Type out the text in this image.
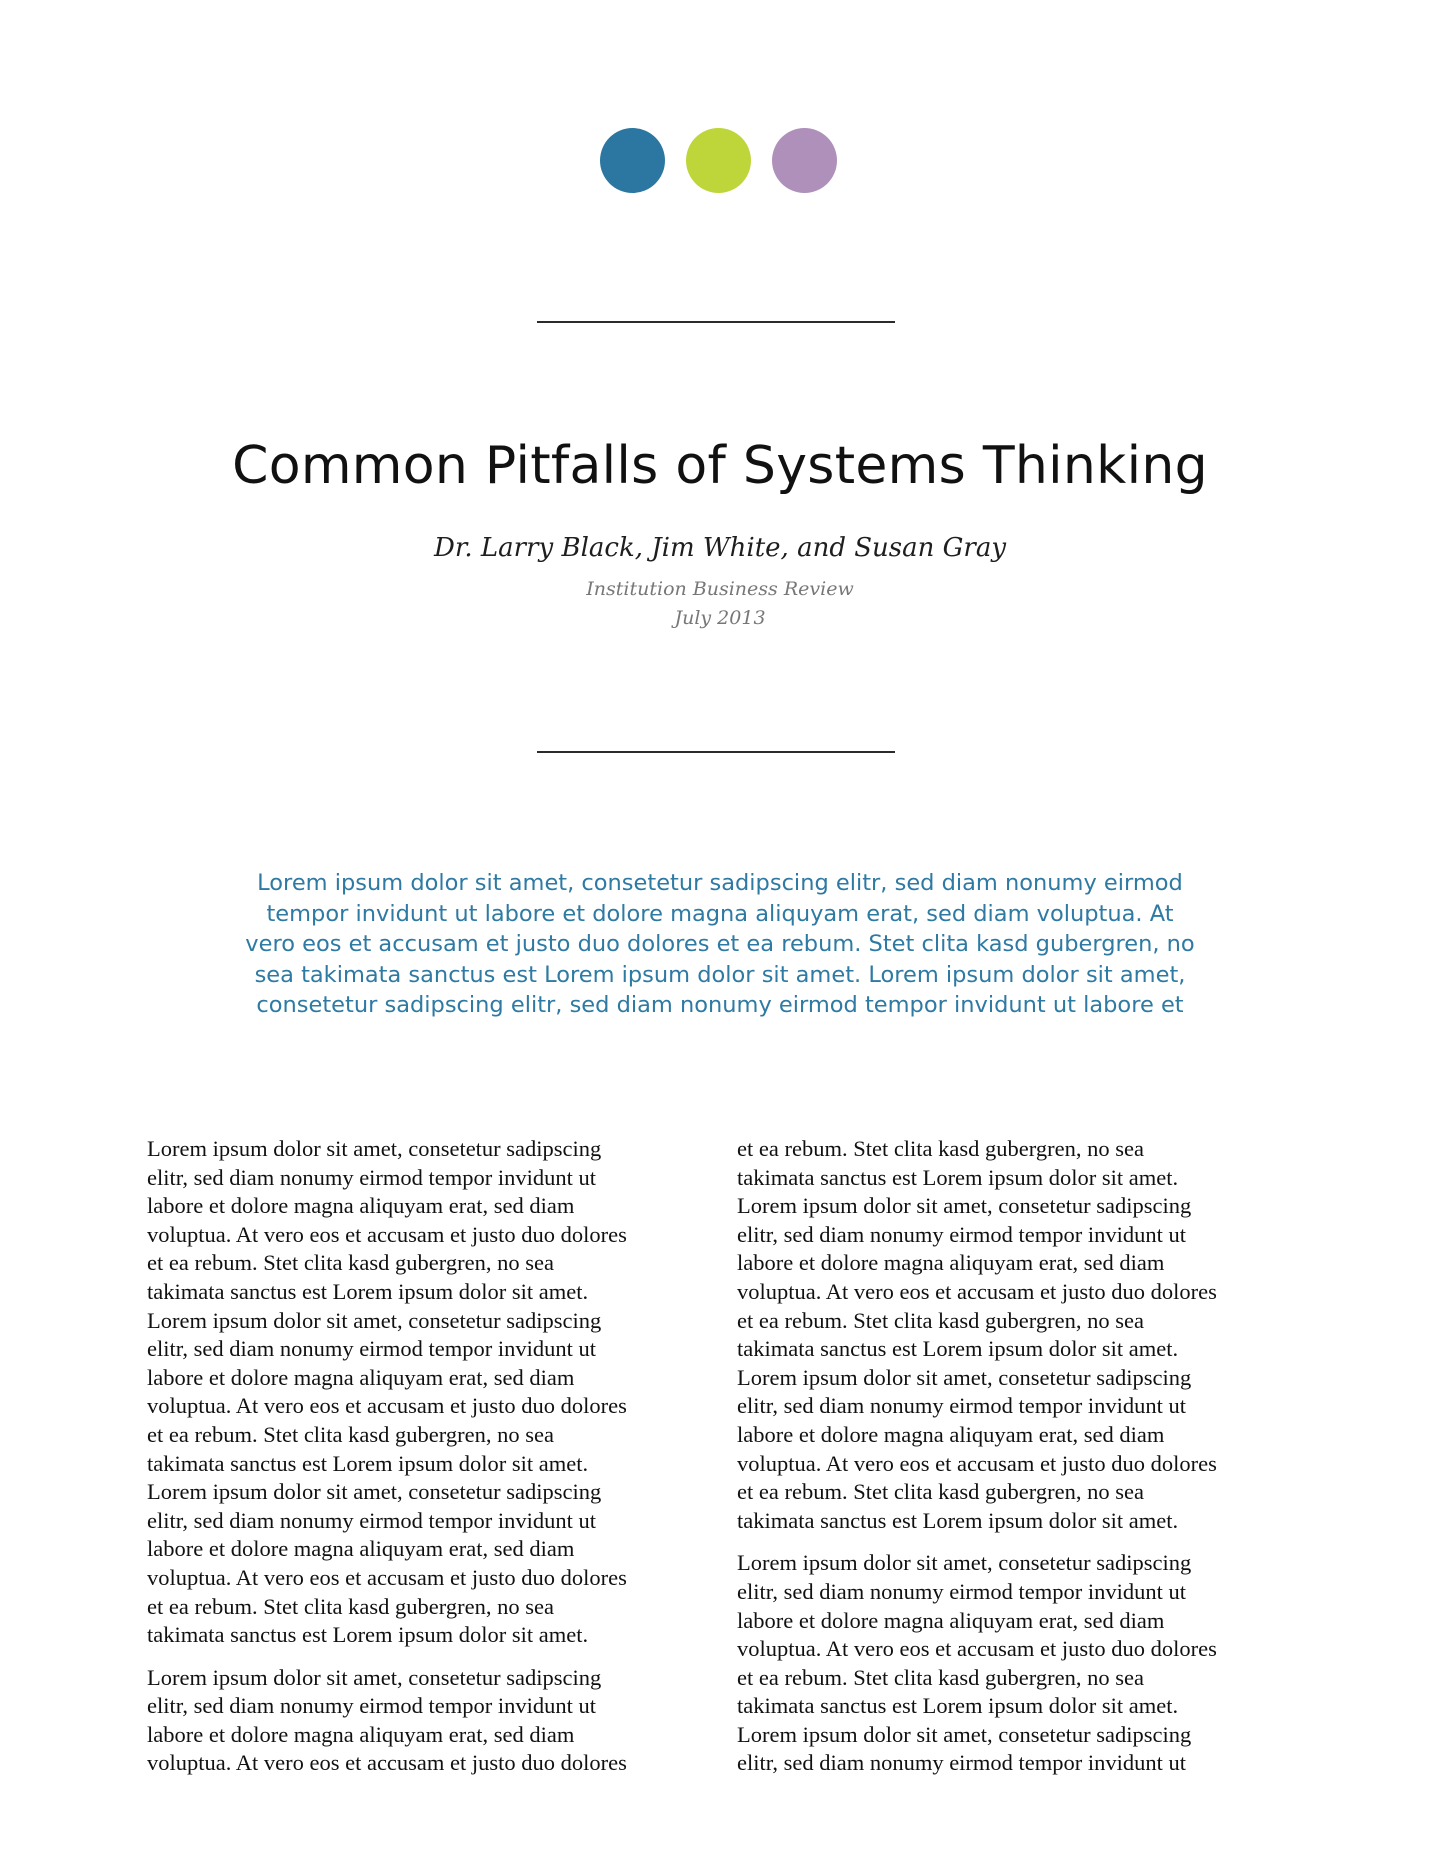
Common Pitfalls of Systems Thinking
Dr. Larry Black, Jim White, and Susan Gray
Institution Business Review
July 2013
Lorem ipsum dolor sit amet, consetetur sadipscing elitr, sed diam nonumy eirmod
tempor invidunt ut labore et dolore magna aliquyam erat, sed diam voluptua. At
vero eos et accusam et justo duo dolores et ea rebum. Stet clita kasd gubergren, no
sea takimata sanctus est Lorem ipsum dolor sit amet. Lorem ipsum dolor sit amet,
consetetur sadipscing elitr, sed diam nonumy eirmod tempor invidunt ut labore et

Lorem ipsum dolor sit amet, consetetur sadipscing
elitr, sed diam nonumy eirmod tempor invidunt ut
labore et dolore magna aliquyam erat, sed diam
voluptua. At vero eos et accusam et justo duo dolores
et ea rebum. Stet clita kasd gubergren, no sea
takimata sanctus est Lorem ipsum dolor sit amet.
Lorem ipsum dolor sit amet, consetetur sadipscing
elitr, sed diam nonumy eirmod tempor invidunt ut
labore et dolore magna aliquyam erat, sed diam
voluptua. At vero eos et accusam et justo duo dolores
et ea rebum. Stet clita kasd gubergren, no sea
takimata sanctus est Lorem ipsum dolor sit amet.
Lorem ipsum dolor sit amet, consetetur sadipscing
elitr, sed diam nonumy eirmod tempor invidunt ut
labore et dolore magna aliquyam erat, sed diam
voluptua. At vero eos et accusam et justo duo dolores
et ea rebum. Stet clita kasd gubergren, no sea
takimata sanctus est Lorem ipsum dolor sit amet.

Lorem ipsum dolor sit amet, consetetur sadipscing
elitr, sed diam nonumy eirmod tempor invidunt ut
labore et dolore magna aliquyam erat, sed diam
voluptua. At vero eos et accusam et justo duo dolores

et ea rebum. Stet clita kasd gubergren, no sea
takimata sanctus est Lorem ipsum dolor sit amet.
Lorem ipsum dolor sit amet, consetetur sadipscing
elitr, sed diam nonumy eirmod tempor invidunt ut
labore et dolore magna aliquyam erat, sed diam
voluptua. At vero eos et accusam et justo duo dolores
et ea rebum. Stet clita kasd gubergren, no sea
takimata sanctus est Lorem ipsum dolor sit amet.
Lorem ipsum dolor sit amet, consetetur sadipscing
elitr, sed diam nonumy eirmod tempor invidunt ut
labore et dolore magna aliquyam erat, sed diam
voluptua. At vero eos et accusam et justo duo dolores
et ea rebum. Stet clita kasd gubergren, no sea
takimata sanctus est Lorem ipsum dolor sit amet.

Lorem ipsum dolor sit amet, consetetur sadipscing
elitr, sed diam nonumy eirmod tempor invidunt ut
labore et dolore magna aliquyam erat, sed diam
voluptua. At vero eos et accusam et justo duo dolores
et ea rebum. Stet clita kasd gubergren, no sea
takimata sanctus est Lorem ipsum dolor sit amet.
Lorem ipsum dolor sit amet, consetetur sadipscing
elitr, sed diam nonumy eirmod tempor invidunt ut
